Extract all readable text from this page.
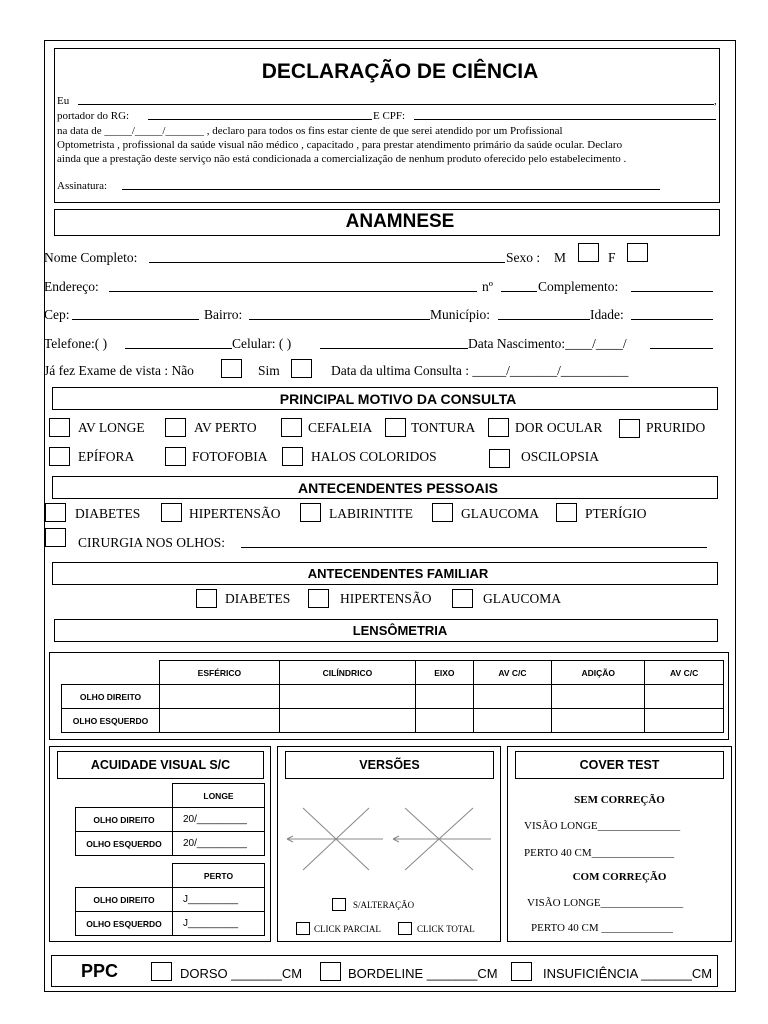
DECLARAÇÃO DE CIÊNCIA
Eu	,
portador do RG:	E CPF:
na data de _____/_____/_______ , declaro para todos os fins estar ciente de que serei atendido por um Profissional
Optometrista , profissional da saúde visual não médico , capacitado , para prestar atendimento primário da saúde ocular. Declaro
ainda que a prestação deste serviço não está condicionada a comercialização de nenhum produto oferecido pelo estabelecimento .
Assinatura:
ANAMNESE
Nome Completo:	Sexo : M	F
Endereço:	nº	Complemento:
Cep:	Bairro:	Município:	Idade:
Telefone:( )	Celular: ( )	Data Nascimento:____/____/
Já fez Exame de vista : Não	Sim	Data da ultima Consulta : _____/_______/__________
PRINCIPAL MOTIVO DA CONSULTA
AV LONGE	AV PERTO	CEFALEIA	TONTURA	DOR OCULAR	PRURIDO
EPÍFORA	FOTOFOBIA	HALOS COLORIDOS	OSCILOPSIA
ANTECENDENTES PESSOAIS
DIABETES	HIPERTENSÃO	LABIRINTITE	GLAUCOMA	PTERÍGIO
CIRURGIA NOS OLHOS:
ANTECENDENTES FAMILIAR
DIABETES	HIPERTENSÃO	GLAUCOMA
LENSÔMETRIA
	ESFÉRICO	CILÍNDRICO	EIXO	AV C/C	ADIÇÃO	AV C/C
OLHO DIREITO						
OLHO ESQUERDO						
ACUIDADE VISUAL S/C
	LONGE
OLHO DIREITO	20/_________
OLHO ESQUERDO	20/_________
	PERTO
OLHO DIREITO	J_________
OLHO ESQUERDO	J_________
VERSÕES
S/ALTERAÇÃO
CLICK PARCIAL	CLICK TOTAL
COVER TEST
SEM CORREÇÃO
VISÃO LONGE_______________
PERTO 40 CM_______________
COM CORREÇÃO
VISÃO LONGE_______________
PERTO 40 CM _____________
PPC	DORSO _______CM	BORDELINE _______CM	INSUFICIÊNCIA _______CM
